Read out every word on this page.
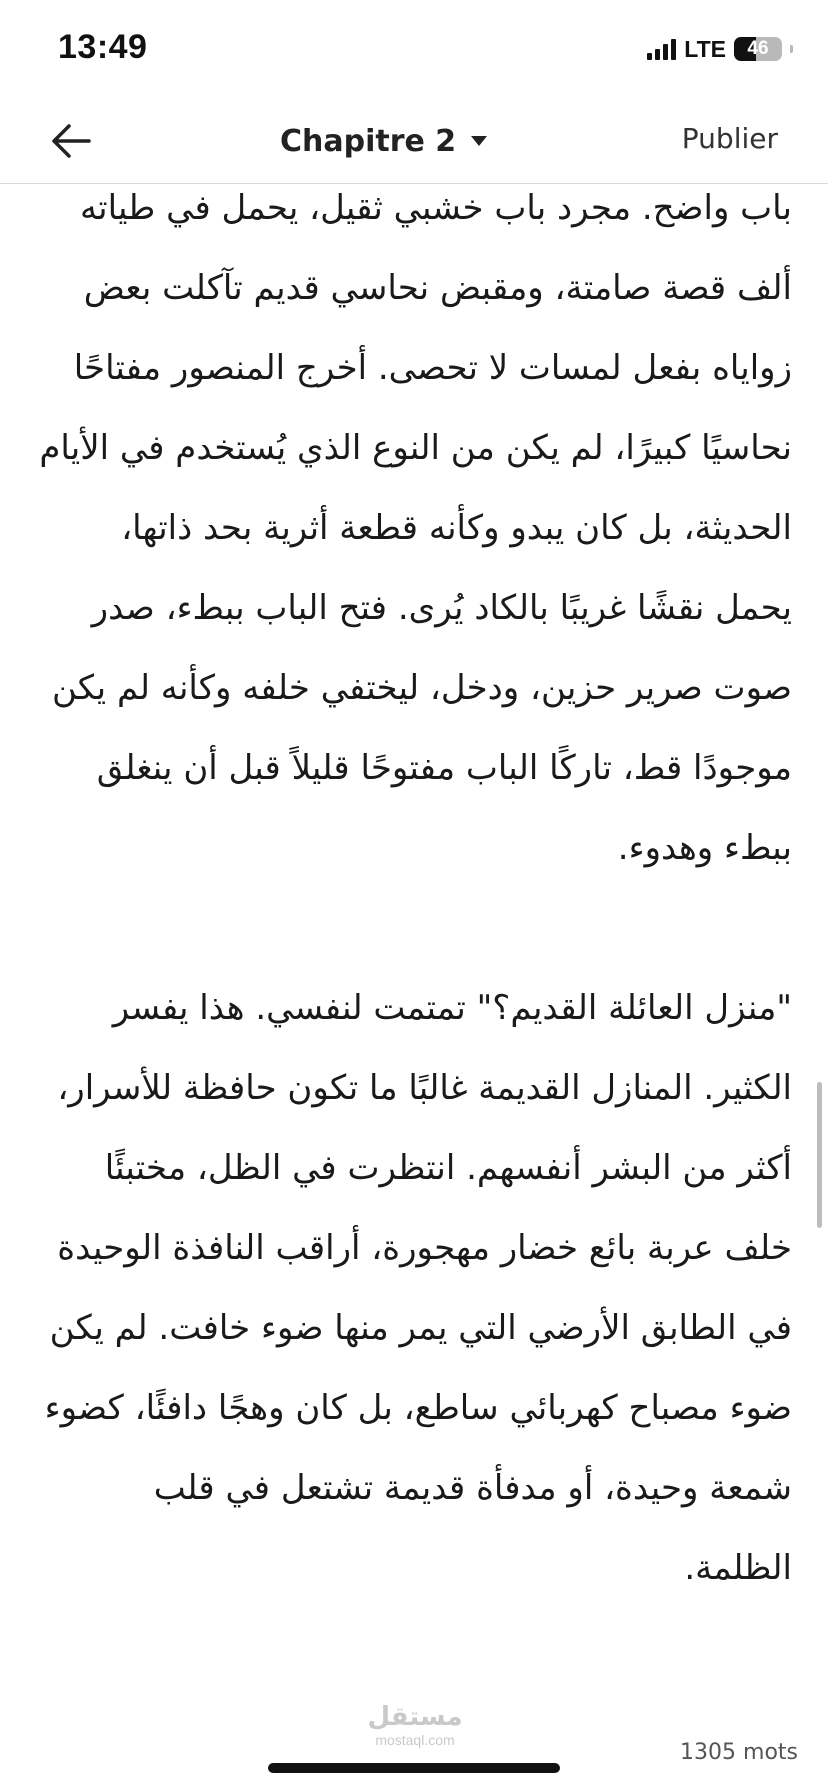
13:49	LTE	46
Chapitre 2	Publier

باب واضح. مجرد باب خشبي ثقيل، يحمل في طياته ألف قصة صامتة، ومقبض نحاسي قديم تآكلت بعض زواياه بفعل لمسات لا تحصى. أخرج المنصور مفتاحًا نحاسيًا كبيرًا، لم يكن من النوع الذي يُستخدم في الأيام الحديثة، بل كان يبدو وكأنه قطعة أثرية بحد ذاتها، يحمل نقشًا غريبًا بالكاد يُرى. فتح الباب ببطء، صدر صوت صرير حزين، ودخل، ليختفي خلفه وكأنه لم يكن موجودًا قط، تاركًا الباب مفتوحًا قليلاً قبل أن ينغلق ببطء وهدوء.

"منزل العائلة القديم؟" تمتمت لنفسي. هذا يفسر الكثير. المنازل القديمة غالبًا ما تكون حافظة للأسرار، أكثر من البشر أنفسهم. انتظرت في الظل، مختبئًا خلف عربة بائع خضار مهجورة، أراقب النافذة الوحيدة في الطابق الأرضي التي يمر منها ضوء خافت. لم يكن ضوء مصباح كهربائي ساطع، بل كان وهجًا دافئًا، كضوء شمعة وحيدة، أو مدفأة قديمة تشتعل في قلب الظلمة.

مستقل
mostaql.com	1305 mots
